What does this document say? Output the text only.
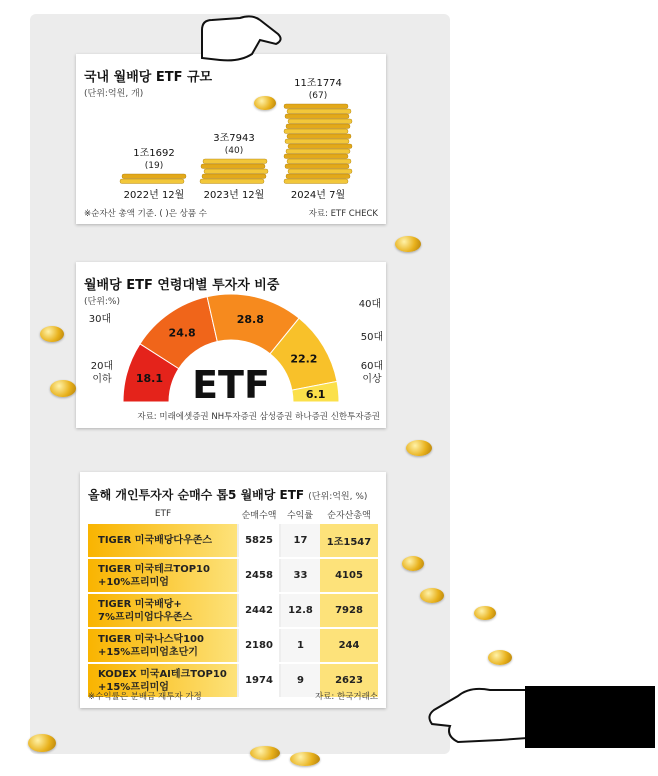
국내 월배당 ETF 규모
(단위:억원, 개)
1조1692
(19)
2022년 12월
3조7943
(40)
2023년 12월
11조1774
(67)
2024년 7월
※순자산 총액 기준. ( )은 상품 수	자료: ETF CHECK
월배당 ETF 연령대별 투자자 비중
(단위:%)
18.1
24.8
28.8
22.2
6.1
ETF
20대
이하
30대
40대
50대
60대
이상
자료: 미래에셋증권 NH투자증권 삼성증권 하나증권 신한투자증권
올해 개인투자자 순매수 톱5 월배당 ETF (단위:억원, %)
ETF	순매수액	수익률	순자산총액
TIGER 미국배당다우존스	5825	17	1조1547
TIGER 미국테크TOP10
+10%프리미엄	2458	33	4105
TIGER 미국배당+
7%프리미엄다우존스	2442	12.8	7928
TIGER 미국나스닥100
+15%프리미엄초단기	2180	1	244
KODEX 미국AI테크TOP10
+15%프리미엄	1974	9	2623
※수익률은 분배금 재투자 가정	자료: 한국거래소
